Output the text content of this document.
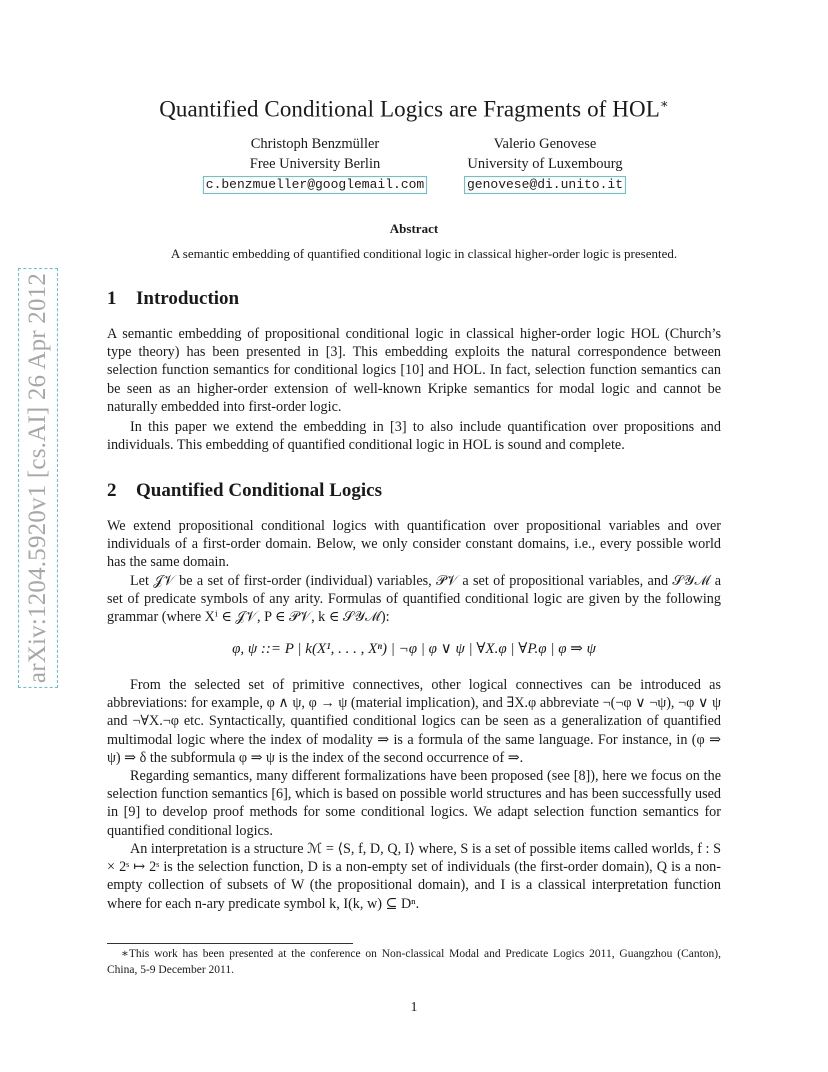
arXiv:1204.5920v1 [cs.AI] 26 Apr 2012
Quantified Conditional Logics are Fragments of HOL∗
Christoph Benzmüller
Free University Berlin
c.benzmueller@googlemail.com
Valerio Genovese
University of Luxembourg
genovese@di.unito.it
Abstract
A semantic embedding of quantified conditional logic in classical higher-order logic is presented.
1 Introduction
A semantic embedding of propositional conditional logic in classical higher-order logic HOL (Church’s type theory) has been presented in [3]. This embedding exploits the natural correspondence between selection function semantics for conditional logics [10] and HOL. In fact, selection function semantics can be seen as an higher-order extension of well-known Kripke semantics for modal logic and cannot be naturally embedded into first-order logic.
In this paper we extend the embedding in [3] to also include quantification over propositions and individuals. This embedding of quantified conditional logic in HOL is sound and complete.
2 Quantified Conditional Logics
We extend propositional conditional logics with quantification over propositional variables and over individuals of a first-order domain. Below, we only consider constant domains, i.e., every possible world has the same domain.
Let 𝒥𝒱 be a set of first-order (individual) variables, 𝒫𝒱 a set of propositional variables, and 𝒮𝒴ℳ a set of predicate symbols of any arity. Formulas of quantified conditional logic are given by the following grammar (where Xⁱ ∈ 𝒥𝒱, P ∈ 𝒫𝒱, k ∈ 𝒮𝒴ℳ):
φ, ψ ::= P | k(X¹, . . . , Xⁿ) | ¬φ | φ ∨ ψ | ∀X.φ | ∀P.φ | φ ⇒ ψ
From the selected set of primitive connectives, other logical connectives can be introduced as abbreviations: for example, φ ∧ ψ, φ → ψ (material implication), and ∃X.φ abbreviate ¬(¬φ ∨ ¬ψ), ¬φ ∨ ψ and ¬∀X.¬φ etc. Syntactically, quantified conditional logics can be seen as a generalization of quantified multimodal logic where the index of modality ⇒ is a formula of the same language. For instance, in (φ ⇒ ψ) ⇒ δ the subformula φ ⇒ ψ is the index of the second occurrence of ⇒.
Regarding semantics, many different formalizations have been proposed (see [8]), here we focus on the selection function semantics [6], which is based on possible world structures and has been successfully used in [9] to develop proof methods for some conditional logics. We adapt selection function semantics for quantified conditional logics.
An interpretation is a structure ℳ = ⟨S, f, D, Q, I⟩ where, S is a set of possible items called worlds, f : S × 2ˢ ↦ 2ˢ is the selection function, D is a non-empty set of individuals (the first-order domain), Q is a non-empty collection of subsets of W (the propositional domain), and I is a classical interpretation function where for each n-ary predicate symbol k, I(k, w) ⊆ Dⁿ.
∗This work has been presented at the conference on Non-classical Modal and Predicate Logics 2011, Guangzhou (Canton), China, 5-9 December 2011.
1
